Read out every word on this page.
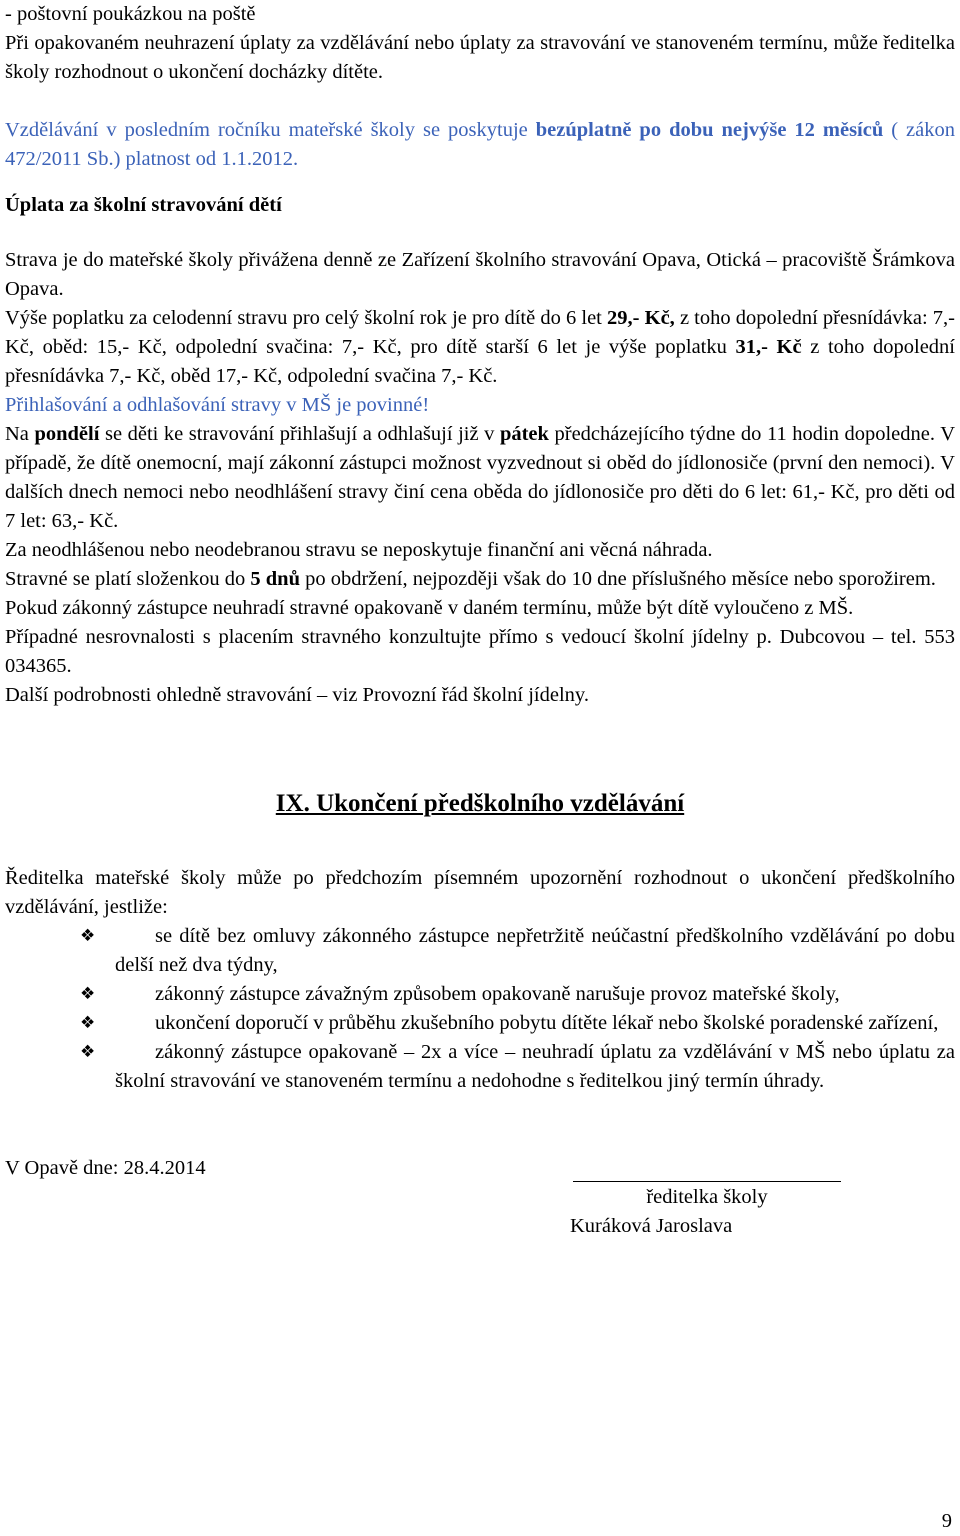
- poštovní poukázkou na poště

Při opakovaném neuhrazení úplaty za vzdělávání nebo úplaty za stravování ve stanoveném termínu, může ředitelka školy rozhodnout o ukončení docházky dítěte.

Vzdělávání v posledním ročníku mateřské školy se poskytuje bezúplatně po dobu nejvýše 12 měsíců ( zákon 472/2011 Sb.) platnost od 1.1.2012.

Úplata za školní stravování dětí

Strava je do mateřské školy přivážena denně ze Zařízení školního stravování Opava, Otická – pracoviště Šrámkova Opava.

Výše poplatku za celodenní stravu pro celý školní rok je pro dítě do 6 let 29,- Kč, z toho dopolední přesnídávka: 7,- Kč, oběd: 15,- Kč, odpolední svačina: 7,- Kč, pro dítě starší 6 let je výše poplatku 31,- Kč z toho dopolední přesnídávka 7,- Kč, oběd 17,- Kč, odpolední svačina 7,- Kč.

Přihlašování a odhlašování stravy v MŠ je povinné!

Na pondělí se děti ke stravování přihlašují a odhlašují již v pátek předcházejícího týdne do 11 hodin dopoledne. V případě, že dítě onemocní, mají zákonní zástupci možnost vyzvednout si oběd do jídlonosiče (první den nemoci). V dalších dnech nemoci nebo neodhlášení stravy činí cena oběda do jídlonosiče pro děti do 6 let: 61,- Kč, pro děti od 7 let: 63,- Kč.

Za neodhlášenou nebo neodebranou stravu se neposkytuje finanční ani věcná náhrada.

Stravné se platí složenkou do 5 dnů po obdržení, nejpozději však do 10 dne příslušného měsíce nebo sporožirem.

Pokud zákonný zástupce neuhradí stravné opakovaně v daném termínu, může být dítě vyloučeno z MŠ.

Případné nesrovnalosti s placením stravného konzultujte přímo s vedoucí školní jídelny p. Dubcovou – tel. 553 034365.

Další podrobnosti ohledně stravování – viz Provozní řád školní jídelny.

IX. Ukončení předškolního vzdělávání

Ředitelka mateřské školy může po předchozím písemném upozornění rozhodnout o ukončení předškolního vzdělávání, jestliže:

❖	se dítě bez omluvy zákonného zástupce nepřetržitě neúčastní předškolního vzdělávání po dobu delší než dva týdny,
❖	zákonný zástupce závažným způsobem opakovaně narušuje provoz mateřské školy,
❖	ukončení doporučí v průběhu zkušebního pobytu dítěte lékař nebo školské poradenské zařízení,
❖	zákonný zástupce opakovaně – 2x a více – neuhradí úplatu za vzdělávání v MŠ nebo úplatu za školní stravování ve stanoveném termínu a nedohodne s ředitelkou jiný termín úhrady.
V Opavě dne: 28.4.2014
ředitelka školy
Kuráková Jaroslava
9
